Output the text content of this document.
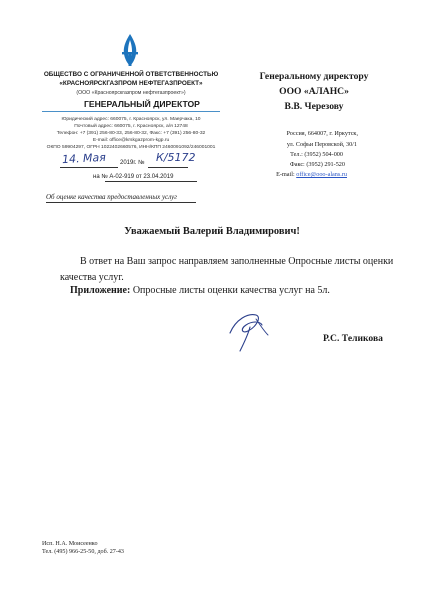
ОБЩЕСТВО С ОГРАНИЧЕННОЙ ОТВЕТСТВЕННОСТЬЮ
«КРАСНОЯРСКГАЗПРОМ НЕФТЕГАЗПРОЕКТ»
(ООО «Красноярскгазпром нефтегазпроект»)
ГЕНЕРАЛЬНЫЙ ДИРЕКТОР
Юридический адрес: 660075, г. Красноярск, ул. Маерчака, 10
Почтовый адрес: 660075, г. Красноярск, а/я 12748
Телефон: +7 (391) 256-80-33, 256-80-32, Факс: +7 (391) 256-80-32
E-mail: office@krskgazprom-kgp.ru
ОКПО 59904297, ОГРН 1022402660576, ИНН/КПП 2460091092/246001001
14. Мая 2019г. № К/5172
на № А-02-919 от 23.04.2019
Об оценке качества предоставленных услуг
Генеральному директору
ООО «АЛАНС»
В.В. Черезову
Россия, 664007, г. Иркутск,
ул. Софьи Перовской, 30/1
Тел.: (3952) 504-000
Факс: (3952) 291-520
E-mail: office@ooo-alans.ru
Уважаемый Валерий Владимирович!
В ответ на Ваш запрос направляем заполненные Опросные листы оценки
качества услуг.
Приложение: Опросные листы оценки качества услуг на 5л.
Р.С. Теликова
Исп. Н.А. Моисеенко
Тел. (495) 966-25-50, доб. 27-43
